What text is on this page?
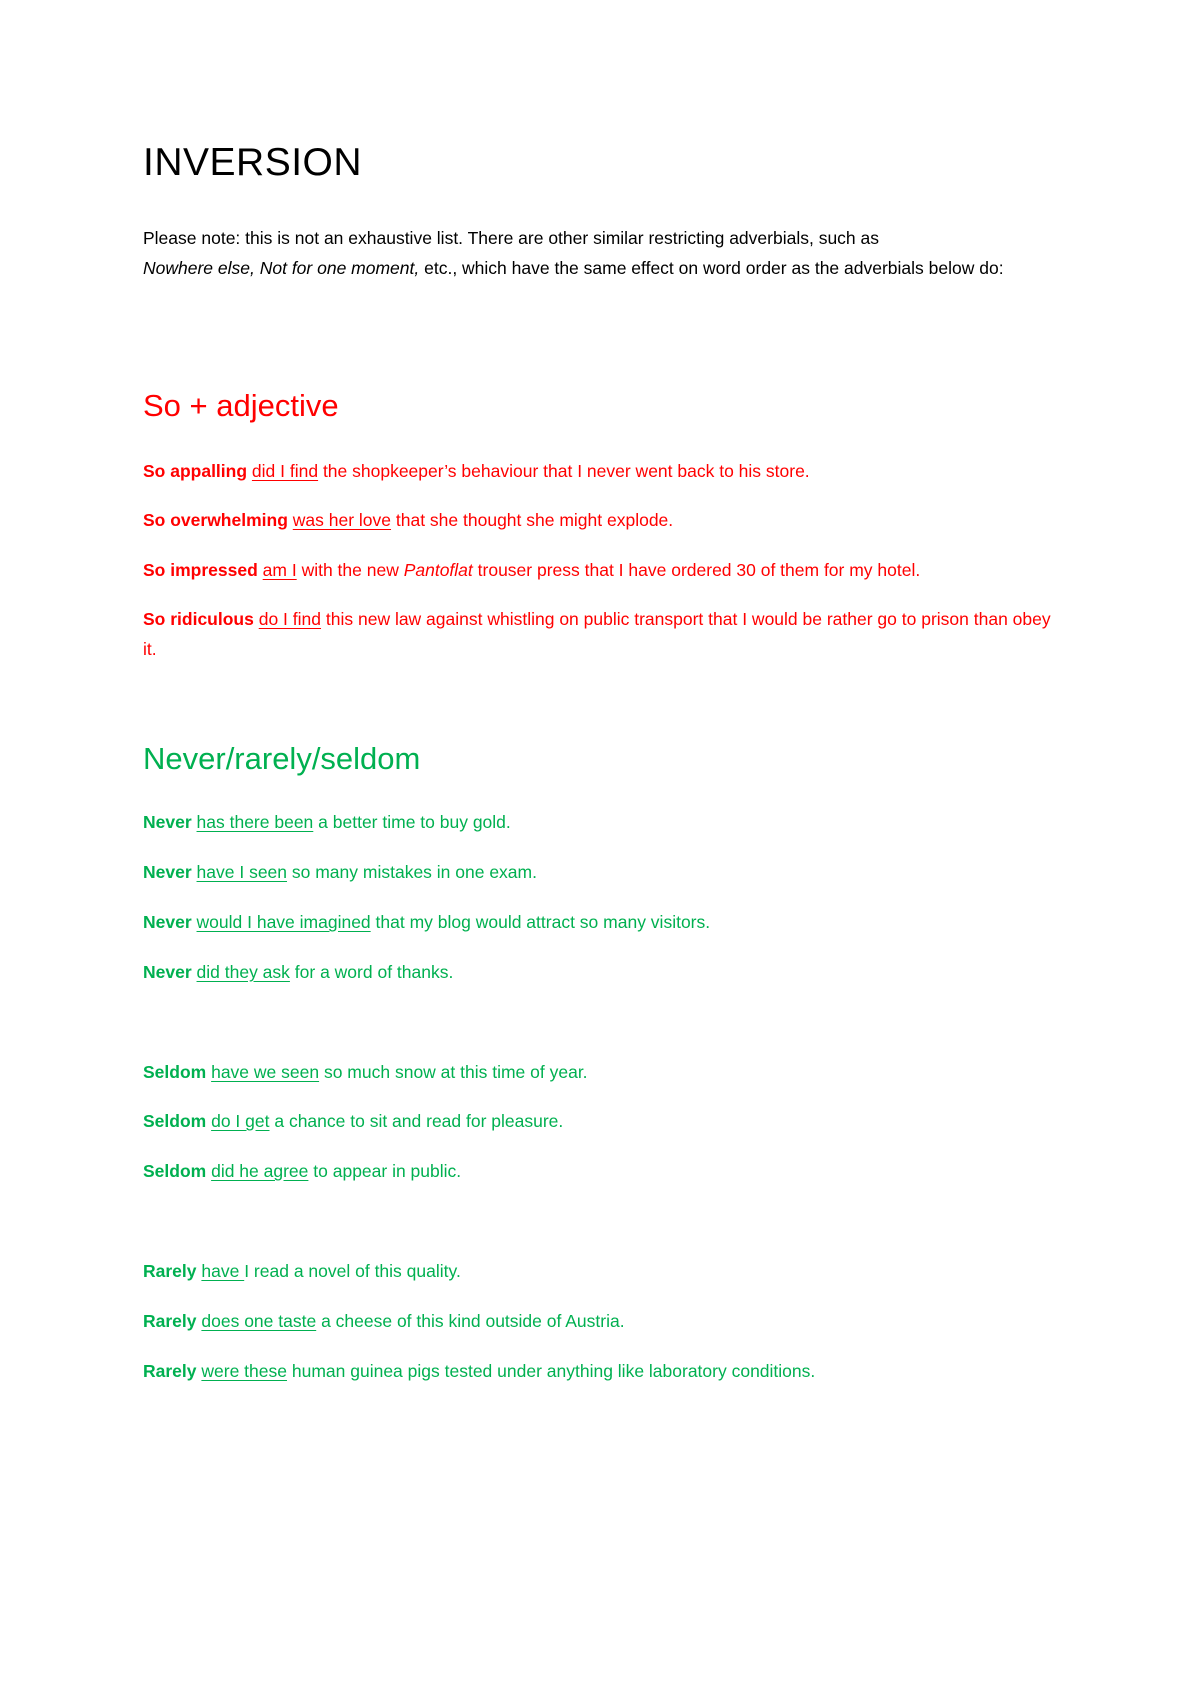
INVERSION
Please note: this is not an exhaustive list. There are other similar restricting adverbials, such as
Nowhere else, Not for one moment, etc., which have the same effect on word order as the adverbials below do:
So + adjective
So appalling did I find the shopkeeper’s behaviour that I never went back to his store.
So overwhelming was her love that she thought she might explode.
So impressed am I with the new Pantoflat trouser press that I have ordered 30 of them for my hotel.
So ridiculous do I find this new law against whistling on public transport that I would be rather go to prison than obey it.
Never/rarely/seldom
Never has there been a better time to buy gold.
Never have I seen so many mistakes in one exam.
Never would I have imagined that my blog would attract so many visitors.
Never did they ask for a word of thanks.
Seldom have we seen so much snow at this time of year.
Seldom do I get a chance to sit and read for pleasure.
Seldom did he agree to appear in public.
Rarely have I read a novel of this quality.
Rarely does one taste a cheese of this kind outside of Austria.
Rarely were these human guinea pigs tested under anything like laboratory conditions.
